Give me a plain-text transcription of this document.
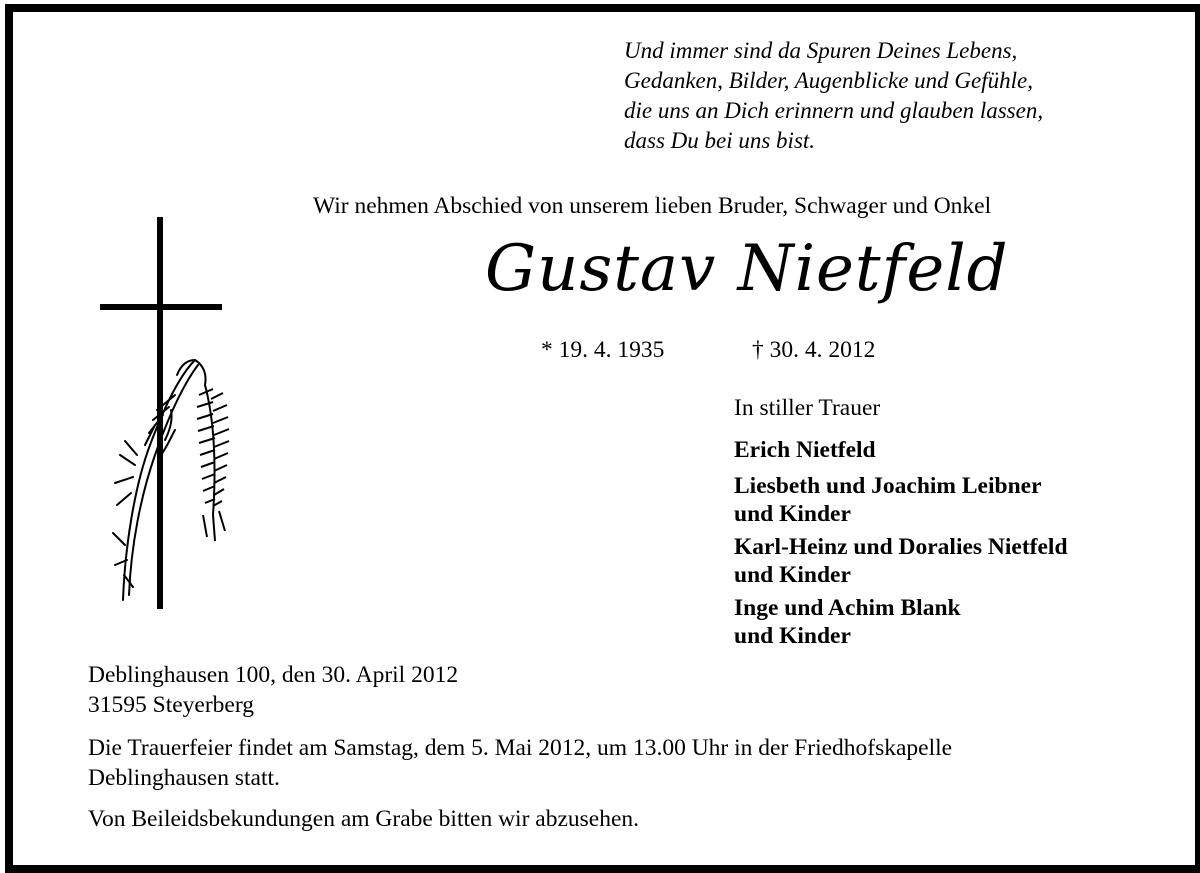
Und immer sind da Spuren Deines Lebens,
Gedanken, Bilder, Augenblicke und Gefühle,
die uns an Dich erinnern und glauben lassen,
dass Du bei uns bist.
Wir nehmen Abschied von unserem lieben Bruder, Schwager und Onkel
Gustav Nietfeld
* 19. 4. 1935	† 30. 4. 2012
In stiller Trauer
Erich Nietfeld
Liesbeth und Joachim Leibner
und Kinder
Karl-Heinz und Doralies Nietfeld
und Kinder
Inge und Achim Blank
und Kinder
Deblinghausen 100, den 30. April 2012
31595 Steyerberg
Die Trauerfeier findet am Samstag, dem 5. Mai 2012, um 13.00 Uhr in der Friedhofskapelle
Deblinghausen statt.
Von Beileidsbekundungen am Grabe bitten wir abzusehen.
